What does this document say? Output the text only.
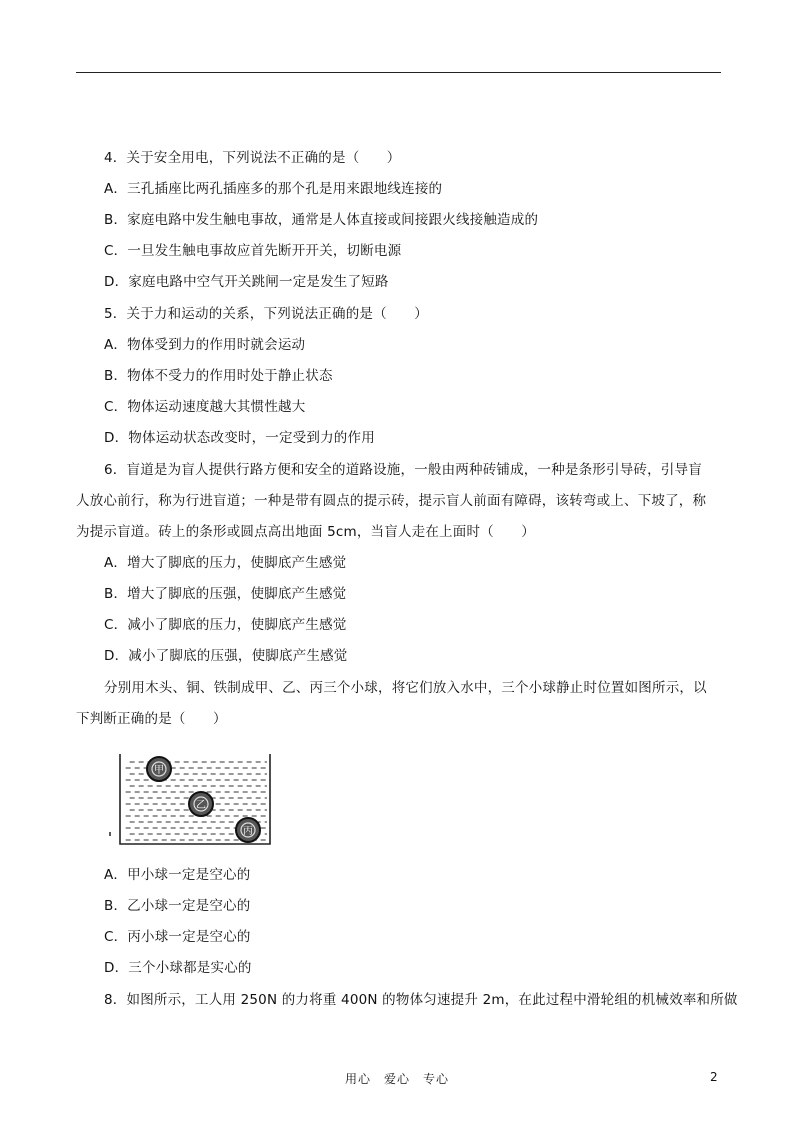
4．关于安全用电，下列说法不正确的是（　　）
A．三孔插座比两孔插座多的那个孔是用来跟地线连接的
B．家庭电路中发生触电事故，通常是人体直接或间接跟火线接触造成的
C．一旦发生触电事故应首先断开开关，切断电源
D．家庭电路中空气开关跳闸一定是发生了短路
5．关于力和运动的关系，下列说法正确的是（　　）
A．物体受到力的作用时就会运动
B．物体不受力的作用时处于静止状态
C．物体运动速度越大其惯性越大
D．物体运动状态改变时，一定受到力的作用
6．盲道是为盲人提供行路方便和安全的道路设施，一般由两种砖铺成，一种是条形引导砖，引导盲
人放心前行，称为行进盲道；一种是带有圆点的提示砖，提示盲人前面有障碍，该转弯或上、下坡了，称
为提示盲道。砖上的条形或圆点高出地面 5cm，当盲人走在上面时（　　）
A．增大了脚底的压力，使脚底产生感觉
B．增大了脚底的压强，使脚底产生感觉
C．减小了脚底的压力，使脚底产生感觉
D．减小了脚底的压强，使脚底产生感觉
分别用木头、铜、铁制成甲、乙、丙三个小球，将它们放入水中，三个小球静止时位置如图所示，以
下判断正确的是（　　）
A．甲小球一定是空心的
B．乙小球一定是空心的
C．丙小球一定是空心的
D．三个小球都是实心的
8．如图所示，工人用 250N 的力将重 400N 的物体匀速提升 2m，在此过程中滑轮组的机械效率和所做
甲
乙
丙
用心　爱心　专心	2
